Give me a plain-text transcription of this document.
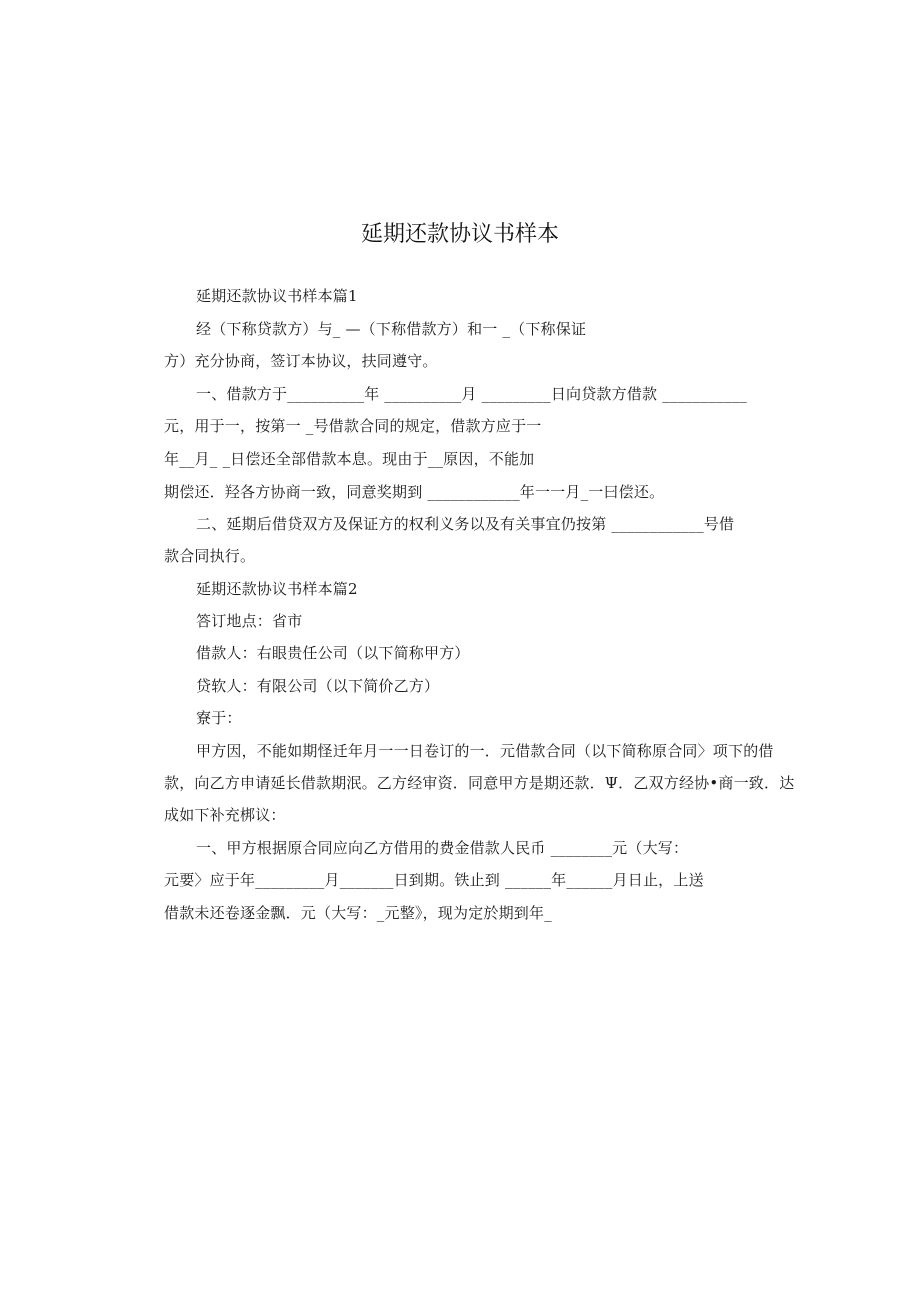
延期还款协议书样本
延期还款协议书样本篇1
经（下称贷款方）与_ —（下称借款方）和一 _（下称保证
方）充分协商，签订本协议，扶同遵守。
一、借款方于__________年 __________月 _________日向贷款方借款 ___________
元，用于一，按第一 _号借款合同的规定，借款方应于一
年__月_ _日偿还全部借款本息。现由于__原因，不能加
期偿还．羟各方协商一致，同意奖期到 ____________年一一月_一曰偿还。
二、延期后借贷双方及保证方的权利义务以及有关事宜仍按第 ____________号借
款合同执行。
延期还款协议书样本篇2
答订地点：省市
借款人：右眼贵任公司（以下简称甲方）
贷软人：有限公司（以下简价乙方）
寮于：
甲方因，不能如期怪迁年月一一日卷订的一．元借款合同（以下简称原合同〉项下的借
款，向乙方申请延长借款期泯。乙方经审资．同意甲方是期还款．Ψ．乙双方经协•商一致．达
成如下补充梆议：
一、甲方根据原合同应向乙方借用的费金借款人民币 ________元（大写：
元要〉应于年_________月_______日到期。铁止到 ______年______月日止，上送
借款未还卷逐金飘．元（大写：_元整》，现为定於期到年_
